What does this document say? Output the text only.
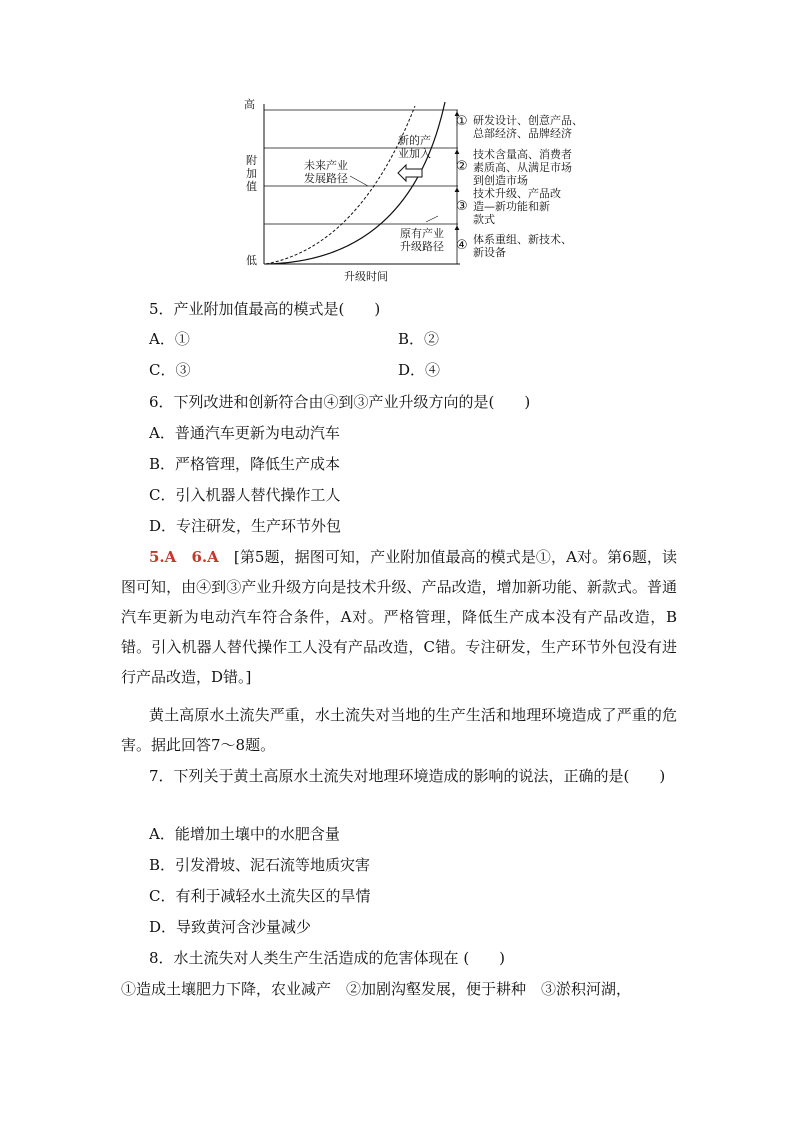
高
附
加
值
低
升级时间
未来产业
发展路径
新的产
业加入
原有产业
升级路径
① 研发设计、创意产品、
总部经济、品牌经济
②
技术含量高、消费者
素质高、从满足市场
到创造市场
③
技术升级、产品改
造—新功能和新
款式
④ 体系重组、新技术、
新设备
5．产业附加值最高的模式是(　　)
A．①	B．②
C．③	D．④
6．下列改进和创新符合由④到③产业升级方向的是(　　)
A．普通汽车更新为电动汽车
B．严格管理，降低生产成本
C．引入机器人替代操作工人
D．专注研发，生产环节外包
5.A　6.A　[第5题，据图可知，产业附加值最高的模式是①，A对。第6题，读图可知，由④到③产业升级方向是技术升级、产品改造，增加新功能、新款式。普通汽车更新为电动汽车符合条件，A对。严格管理，降低生产成本没有产品改造，B错。引入机器人替代操作工人没有产品改造，C错。专注研发，生产环节外包没有进行产品改造，D错。]
黄土高原水土流失严重，水土流失对当地的生产生活和地理环境造成了严重的危害。据此回答7～8题。
7．下列关于黄土高原水土流失对地理环境造成的影响的说法，正确的是(　　)
A．能增加土壤中的水肥含量
B．引发滑坡、泥石流等地质灾害
C．有利于减轻水土流失区的旱情
D．导致黄河含沙量减少
8．水土流失对人类生产生活造成的危害体现在 (　　)
①造成土壤肥力下降，农业减产　②加剧沟壑发展，便于耕种　③淤积河湖，
